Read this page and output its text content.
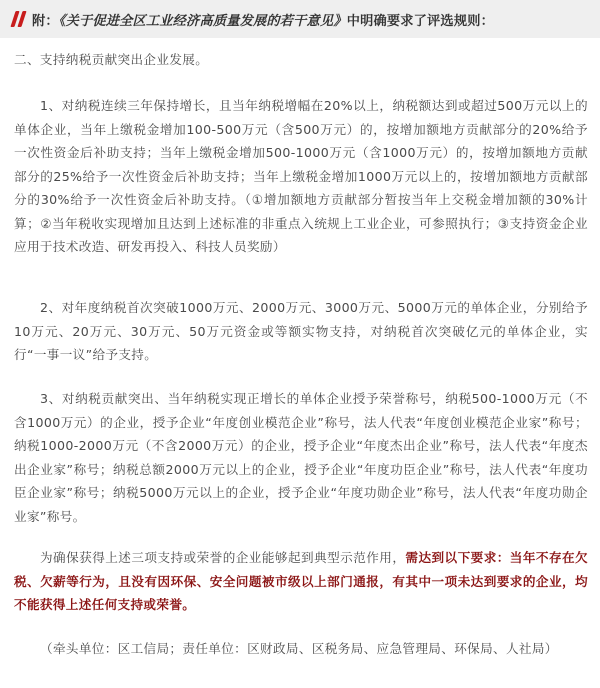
附：《关于促进全区工业经济高质量发展的若干意见》中明确要求了评选规则：

二、支持纳税贡献突出企业发展。

1、对纳税连续三年保持增长，且当年纳税增幅在20%以上，纳税额达到或超过500万元以上的单体企业，当年上缴税金增加100-500万元（含500万元）的，按增加额地方贡献部分的20%给予一次性资金后补助支持；当年上缴税金增加500-1000万元（含1000万元）的，按增加额地方贡献部分的25%给予一次性资金后补助支持；当年上缴税金增加1000万元以上的，按增加额地方贡献部分的30%给予一次性资金后补助支持。（①增加额地方贡献部分暂按当年上交税金增加额的30%计算；②当年税收实现增加且达到上述标准的非重点入统规上工业企业，可参照执行；③支持资金企业应用于技术改造、研发再投入、科技人员奖励）

2、对年度纳税首次突破1000万元、2000万元、3000万元、5000万元的单体企业，分别给予10万元、20万元、30万元、50万元资金或等额实物支持，对纳税首次突破亿元的单体企业，实行“一事一议”给予支持。

3、对纳税贡献突出、当年纳税实现正增长的单体企业授予荣誉称号，纳税500-1000万元（不含1000万元）的企业，授予企业“年度创业模范企业”称号，法人代表“年度创业模范企业家”称号；纳税1000-2000万元（不含2000万元）的企业，授予企业“年度杰出企业”称号，法人代表“年度杰出企业家”称号；纳税总额2000万元以上的企业，授予企业“年度功臣企业”称号，法人代表“年度功臣企业家”称号；纳税5000万元以上的企业，授予企业“年度功勋企业”称号，法人代表“年度功勋企业家”称号。

为确保获得上述三项支持或荣誉的企业能够起到典型示范作用，需达到以下要求：当年不存在欠税、欠薪等行为，且没有因环保、安全问题被市级以上部门通报，有其中一项未达到要求的企业，均不能获得上述任何支持或荣誉。

（牵头单位：区工信局；责任单位：区财政局、区税务局、应急管理局、环保局、人社局）
